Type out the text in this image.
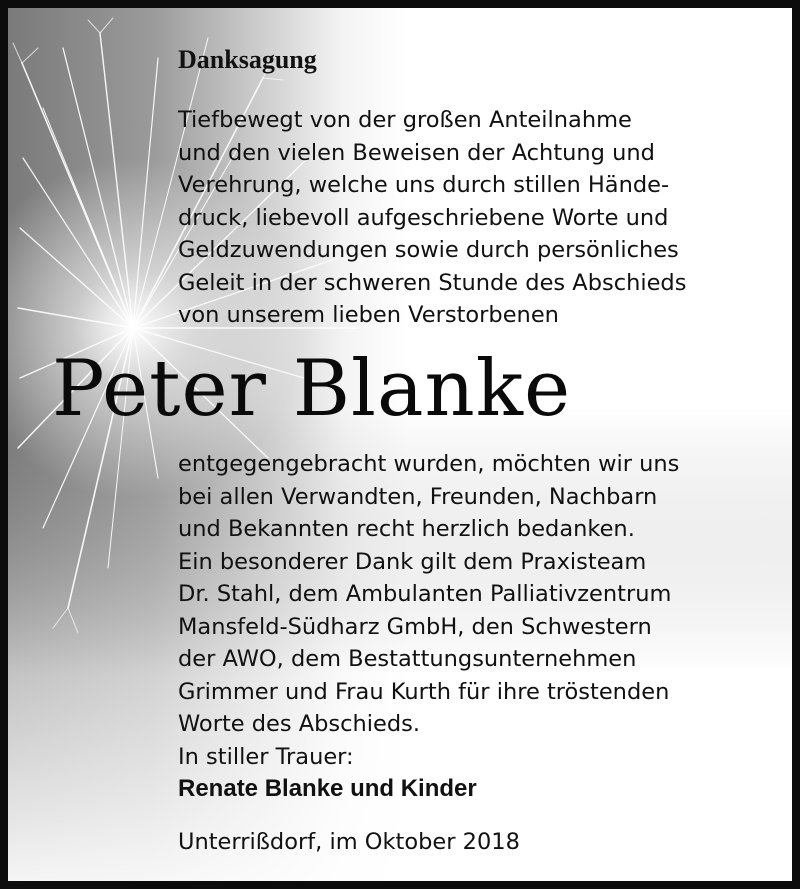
Danksagung

Tiefbewegt von der großen Anteilnahme
und den vielen Beweisen der Achtung und
Verehrung, welche uns durch stillen Hände-
druck, liebevoll aufgeschriebene Worte und
Geldzuwendungen sowie durch persönliches
Geleit in der schweren Stunde des Abschieds
von unserem lieben Verstorbenen

Peter Blanke

entgegengebracht wurden, möchten wir uns
bei allen Verwandten, Freunden, Nachbarn
und Bekannten recht herzlich bedanken.
Ein besonderer Dank gilt dem Praxisteam
Dr. Stahl, dem Ambulanten Palliativzentrum
Mansfeld-Südharz GmbH, den Schwestern
der AWO, dem Bestattungsunternehmen
Grimmer und Frau Kurth für ihre tröstenden
Worte des Abschieds.

In stiller Trauer:

Renate Blanke und Kinder

Unterrißdorf, im Oktober 2018
